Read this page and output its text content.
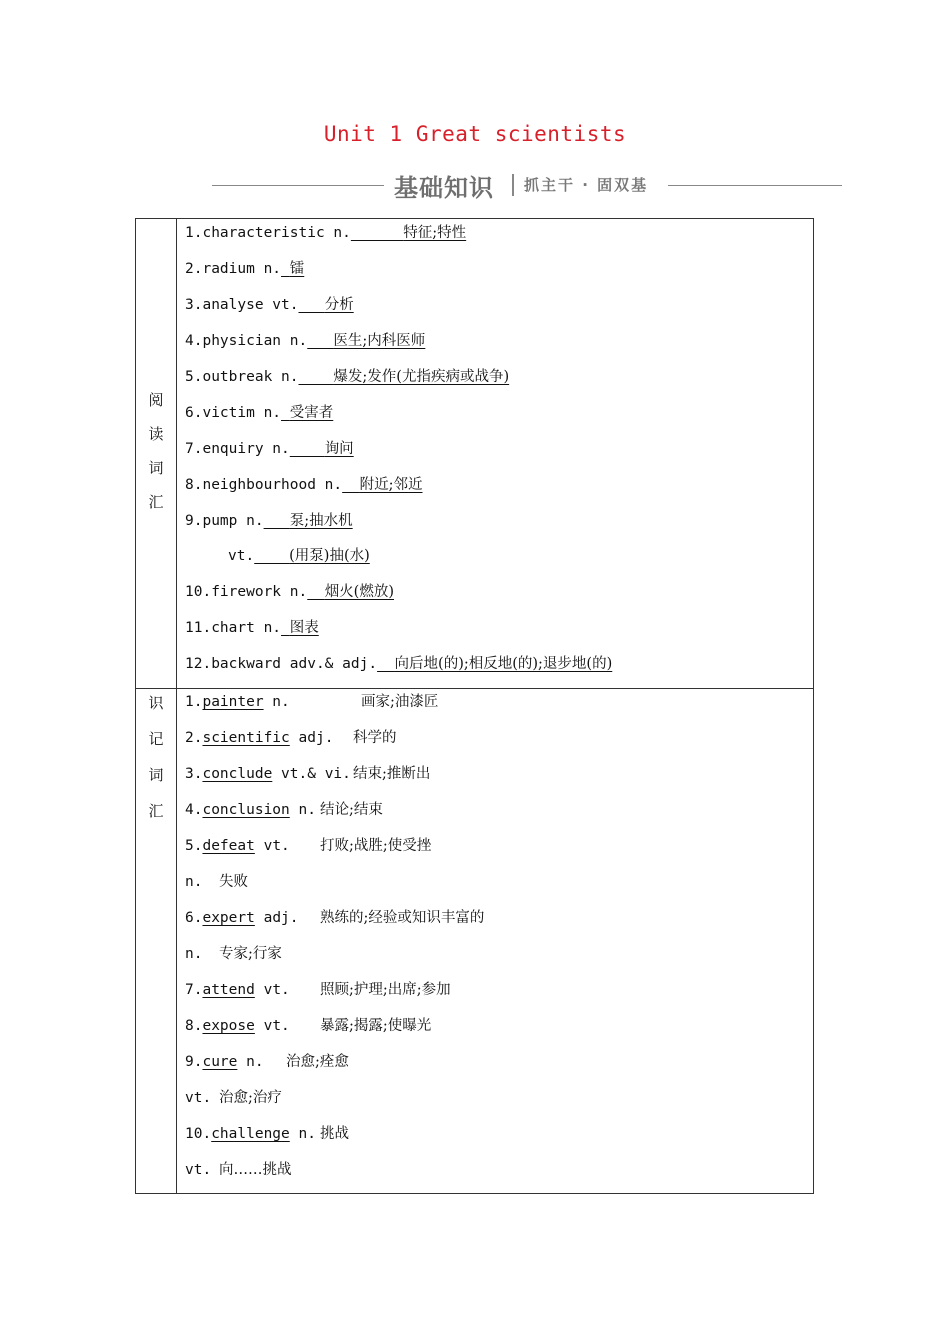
Unit 1 Great scientists
基础知识 抓主干 · 固双基
阅
读
词
汇
1.characteristic n.	特征;特性
2.radium n. 镭
3.analyse vt. 分析
4.physician n. 医生;内科医师
5.outbreak n. 爆发;发作(尤指疾病或战争)
6.victim n. 受害者
7.enquiry n. 询问
8.neighbourhood n. 附近;邻近
9.pump n. 泵;抽水机
vt. (用泵)抽(水)
10.firework n. 烟火(燃放)
11.chart n. 图表
12.backward adv.& adj. 向后地(的);相反地(的);退步地(的)
识
记
词
汇
1.painter n.	画家;油漆匠
2.scientific adj. 科学的
3.conclude vt.& vi. 结束;推断出
4.conclusion n. 结论;结束
5.defeat vt. 打败;战胜;使受挫
n. 失败
6.expert adj. 熟练的;经验或知识丰富的
n. 专家;行家
7.attend vt. 照顾;护理;出席;参加
8.expose vt. 暴露;揭露;使曝光
9.cure n. 治愈;痊愈
vt. 治愈;治疗
10.challenge n. 挑战
vt. 向……挑战
